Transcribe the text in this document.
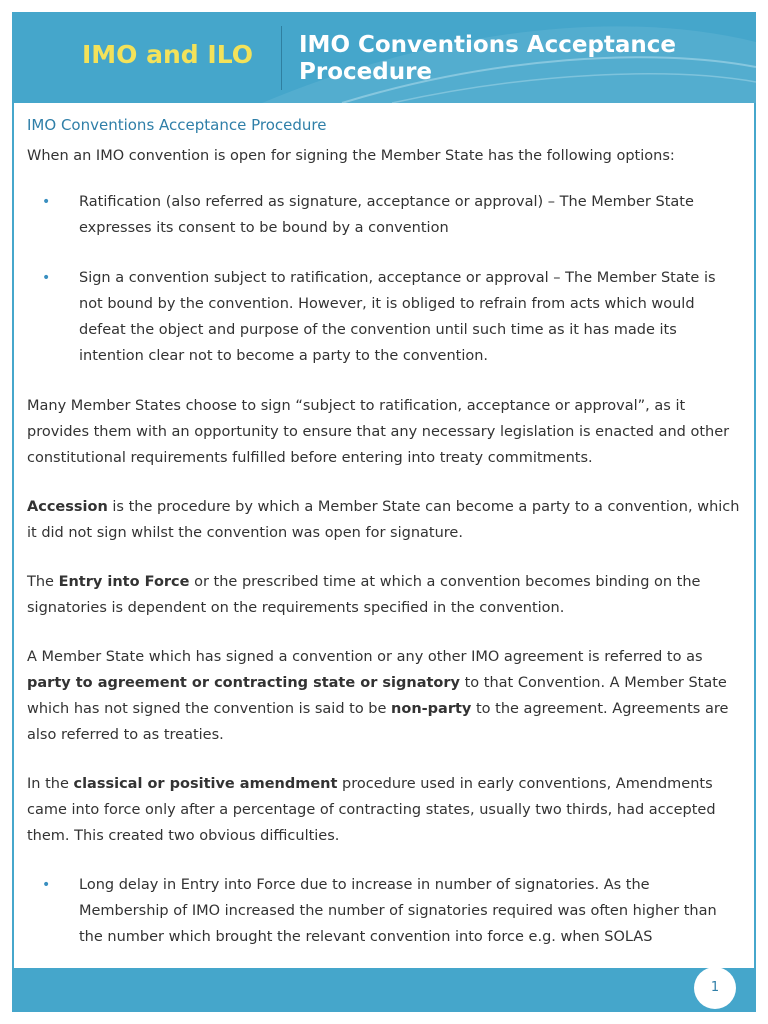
IMO and ILO	IMO Conventions Acceptance Procedure

IMO Conventions Acceptance Procedure

When an IMO convention is open for signing the Member State has the following options:

• Ratification (also referred as signature, acceptance or approval) – The Member State expresses its consent to be bound by a convention
• Sign a convention subject to ratification, acceptance or approval – The Member State is not bound by the convention. However, it is obliged to refrain from acts which would defeat the object and purpose of the convention until such time as it has made its intention clear not to become a party to the convention.

Many Member States choose to sign “subject to ratification, acceptance or approval”, as it provides them with an opportunity to ensure that any necessary legislation is enacted and other constitutional requirements fulfilled before entering into treaty commitments.

Accession is the procedure by which a Member State can become a party to a convention, which it did not sign whilst the convention was open for signature.

The Entry into Force or the prescribed time at which a convention becomes binding on the signatories is dependent on the requirements specified in the convention.

A Member State which has signed a convention or any other IMO agreement is referred to as party to agreement or contracting state or signatory to that Convention. A Member State which has not signed the convention is said to be non-party to the agreement. Agreements are also referred to as treaties.

In the classical or positive amendment procedure used in early conventions, Amendments came into force only after a percentage of contracting states, usually two thirds, had accepted them. This created two obvious difficulties.

• Long delay in Entry into Force due to increase in number of signatories. As the Membership of IMO increased the number of signatories required was often higher than the number which brought the relevant convention into force e.g. when SOLAS
1
